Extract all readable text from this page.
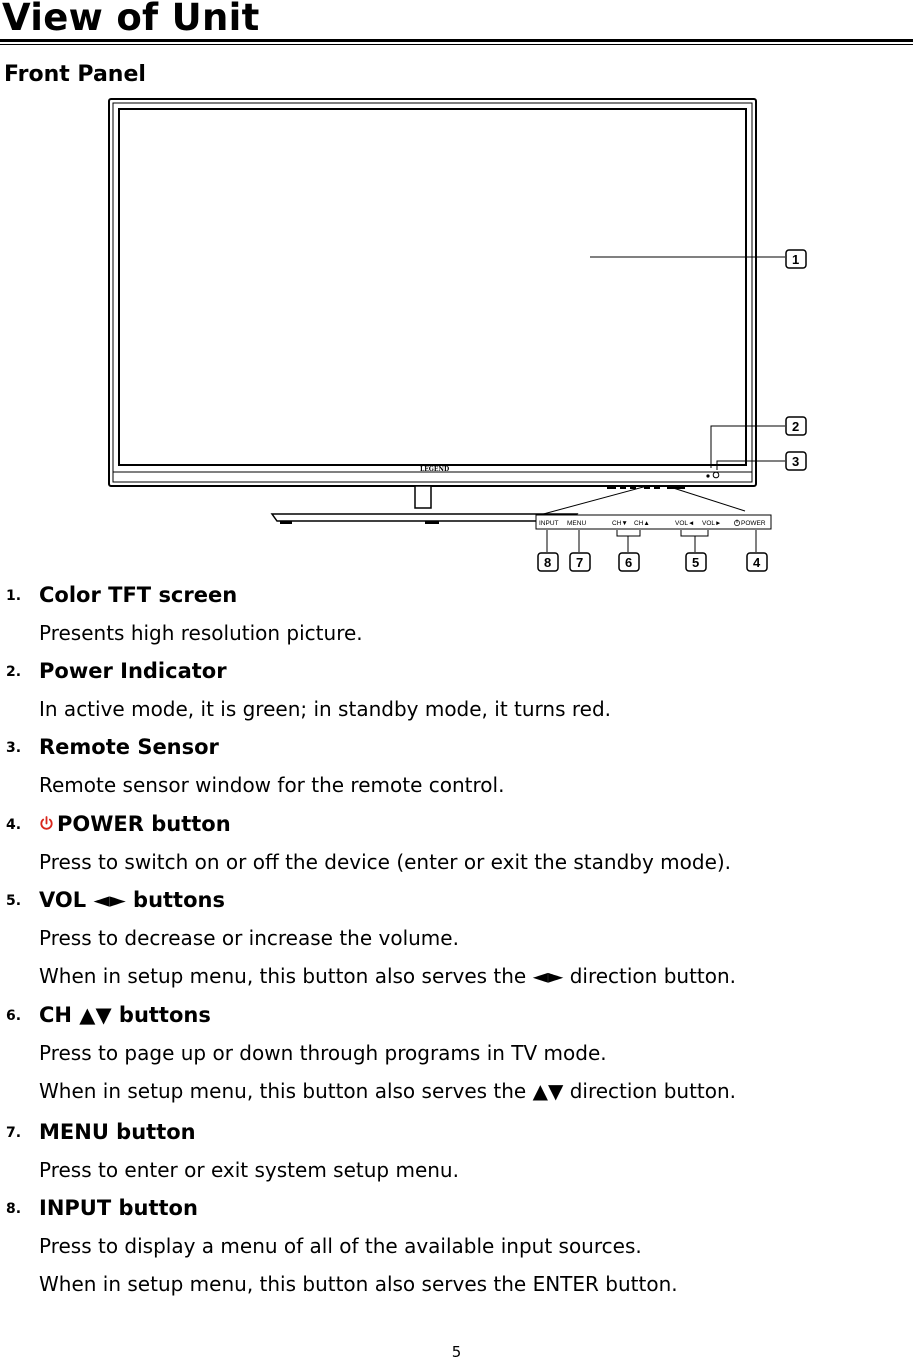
View of Unit
Front Panel
LEGEND
INPUT MENU	CH▼ CH▲	VOL◄ VOL►	POWER
1
2
3
8 7	6	5	4
1. Color TFT screen
Presents high resolution picture.
2. Power Indicator
In active mode, it is green; in standby mode, it turns red.
3. Remote Sensor
Remote sensor window for the remote control.
4.	POWER button
Press to switch on or off the device (enter or exit the standby mode).
5. VOL ◄► buttons
Press to decrease or increase the volume.
When in setup menu, this button also serves the ◄► direction button.
6. CH ▲▼ buttons
Press to page up or down through programs in TV mode.
When in setup menu, this button also serves the ▲▼ direction button.
7. MENU button
Press to enter or exit system setup menu.
8. INPUT button
Press to display a menu of all of the available input sources.
When in setup menu, this button also serves the ENTER button.
5
